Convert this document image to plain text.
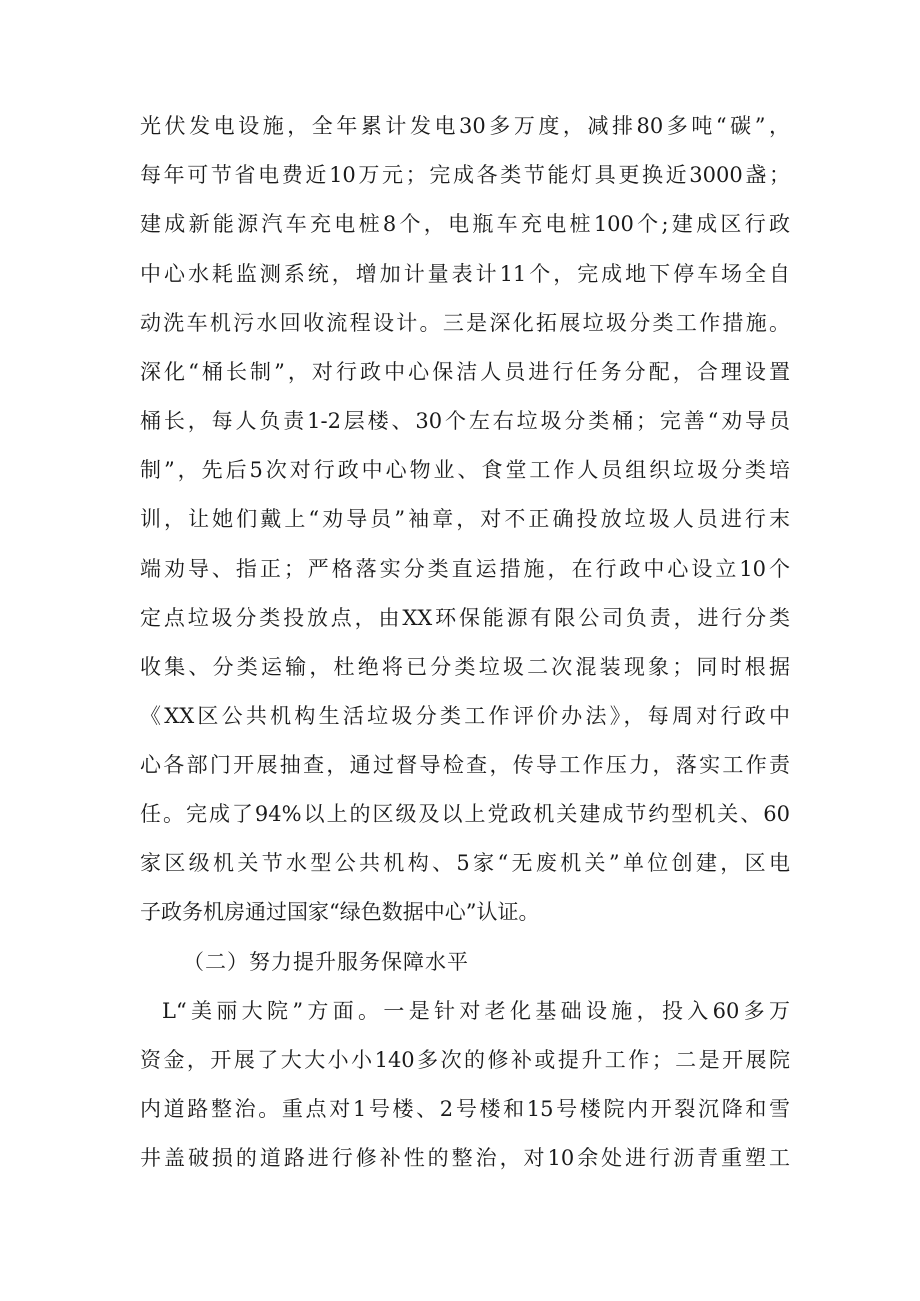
光伏发电设施，全年累计发电30多万度，减排80多吨“碳”，
每年可节省电费近10万元；完成各类节能灯具更换近3000盏；
建成新能源汽车充电桩8个，电瓶车充电桩100个;建成区行政
中心水耗监测系统，增加计量表计11个，完成地下停车场全自
动洗车机污水回收流程设计。三是深化拓展垃圾分类工作措施。
深化“桶长制”，对行政中心保洁人员进行任务分配，合理设置
桶长，每人负责1-2层楼、30个左右垃圾分类桶；完善“劝导员
制”，先后5次对行政中心物业、食堂工作人员组织垃圾分类培
训，让她们戴上“劝导员”袖章，对不正确投放垃圾人员进行末
端劝导、指正；严格落实分类直运措施，在行政中心设立10个
定点垃圾分类投放点，由XX环保能源有限公司负责，进行分类
收集、分类运输，杜绝将已分类垃圾二次混装现象；同时根据
《XX区公共机构生活垃圾分类工作评价办法》，每周对行政中
心各部门开展抽查，通过督导检查，传导工作压力，落实工作责
任。完成了94%以上的区级及以上党政机关建成节约型机关、60
家区级机关节水型公共机构、5家“无废机关”单位创建，区电
子政务机房通过国家“绿色数据中心”认证。
（二）努力提升服务保障水平
L“美丽大院”方面。一是针对老化基础设施，投入60多万
资金，开展了大大小小140多次的修补或提升工作；二是开展院
内道路整治。重点对1号楼、2号楼和15号楼院内开裂沉降和雪
井盖破损的道路进行修补性的整治，对10余处进行沥青重塑工
